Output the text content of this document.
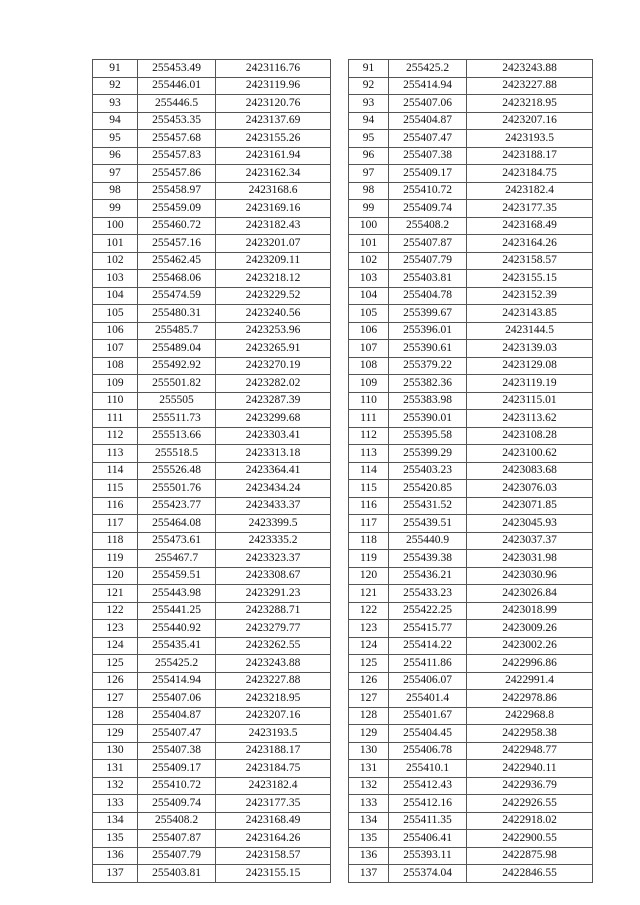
91	255453.49	2423116.76
92	255446.01	2423119.96
93	255446.5	2423120.76
94	255453.35	2423137.69
95	255457.68	2423155.26
96	255457.83	2423161.94
97	255457.86	2423162.34
98	255458.97	2423168.6
99	255459.09	2423169.16
100	255460.72	2423182.43
101	255457.16	2423201.07
102	255462.45	2423209.11
103	255468.06	2423218.12
104	255474.59	2423229.52
105	255480.31	2423240.56
106	255485.7	2423253.96
107	255489.04	2423265.91
108	255492.92	2423270.19
109	255501.82	2423282.02
110	255505	2423287.39
111	255511.73	2423299.68
112	255513.66	2423303.41
113	255518.5	2423313.18
114	255526.48	2423364.41
115	255501.76	2423434.24
116	255423.77	2423433.37
117	255464.08	2423399.5
118	255473.61	2423335.2
119	255467.7	2423323.37
120	255459.51	2423308.67
121	255443.98	2423291.23
122	255441.25	2423288.71
123	255440.92	2423279.77
124	255435.41	2423262.55
125	255425.2	2423243.88
126	255414.94	2423227.88
127	255407.06	2423218.95
128	255404.87	2423207.16
129	255407.47	2423193.5
130	255407.38	2423188.17
131	255409.17	2423184.75
132	255410.72	2423182.4
133	255409.74	2423177.35
134	255408.2	2423168.49
135	255407.87	2423164.26
136	255407.79	2423158.57
137	255403.81	2423155.15
91	255425.2	2423243.88
92	255414.94	2423227.88
93	255407.06	2423218.95
94	255404.87	2423207.16
95	255407.47	2423193.5
96	255407.38	2423188.17
97	255409.17	2423184.75
98	255410.72	2423182.4
99	255409.74	2423177.35
100	255408.2	2423168.49
101	255407.87	2423164.26
102	255407.79	2423158.57
103	255403.81	2423155.15
104	255404.78	2423152.39
105	255399.67	2423143.85
106	255396.01	2423144.5
107	255390.61	2423139.03
108	255379.22	2423129.08
109	255382.36	2423119.19
110	255383.98	2423115.01
111	255390.01	2423113.62
112	255395.58	2423108.28
113	255399.29	2423100.62
114	255403.23	2423083.68
115	255420.85	2423076.03
116	255431.52	2423071.85
117	255439.51	2423045.93
118	255440.9	2423037.37
119	255439.38	2423031.98
120	255436.21	2423030.96
121	255433.23	2423026.84
122	255422.25	2423018.99
123	255415.77	2423009.26
124	255414.22	2423002.26
125	255411.86	2422996.86
126	255406.07	2422991.4
127	255401.4	2422978.86
128	255401.67	2422968.8
129	255404.45	2422958.38
130	255406.78	2422948.77
131	255410.1	2422940.11
132	255412.43	2422936.79
133	255412.16	2422926.55
134	255411.35	2422918.02
135	255406.41	2422900.55
136	255393.11	2422875.98
137	255374.04	2422846.55
